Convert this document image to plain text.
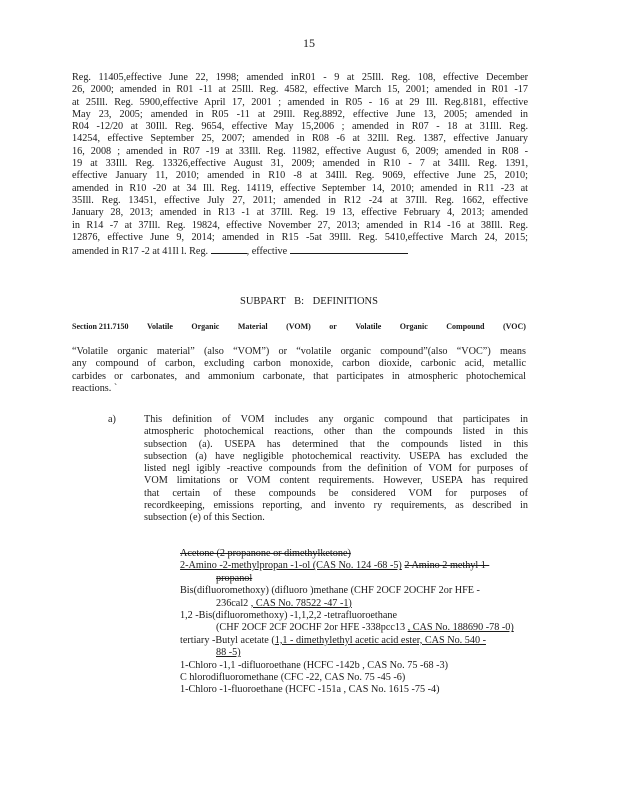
15
Reg. 11405,effective June 22, 1998; amended inR01 - 9 at 25Ill. Reg. 108, effective December
26, 2000; amended in R01 -11 at 25Ill. Reg. 4582, effective March 15, 2001; amended in R01 -17
at 25Ill. Reg. 5900,effective April 17, 2001 ; amended in R05 - 16 at 29 Ill. Reg.8181, effective
May 23, 2005; amended in R05 -11 at 29Ill. Reg.8892, effective June 13, 2005; amended in
R04 -12/20 at 30Ill. Reg. 9654, effective May 15,2006 ; amended in R07 - 18 at 31Ill. Reg.
14254, effective September 25, 2007; amended in R08 -6 at 32Ill. Reg. 1387, effective January
16, 2008 ; amended in R07 -19 at 33Ill. Reg. 11982, effective August 6, 2009; amended in R08 -
19 at 33Ill. Reg. 13326,effective August 31, 2009; amended in R10 - 7 at 34Ill. Reg. 1391,
effective January 11, 2010; amended in R10 -8 at 34Ill. Reg. 9069, effective June 25, 2010;
amended in R10 -20 at 34 Ill. Reg. 14119, effective September 14, 2010; amended in R11 -23 at
35Ill. Reg. 13451, effective July 27, 2011; amended in R12 -24 at 37Ill. Reg. 1662, effective
January 28, 2013; amended in R13 -1 at 37Ill. Reg. 19 13, effective February 4, 2013; amended
in R14 -7 at 37Ill. Reg. 19824, effective November 27, 2013; amended in R14 -16 at 38Ill. Reg.
12876, effective June 9, 2014; amended in R15 -5at 39Ill. Reg. 5410,effective March 24, 2015;
amended in R17 -2 at 41Il l. Reg.	, effective
SUBPART B: DEFINITIONS
Section 211.7150 Volatile Organic Material (VOM) or Volatile Organic Compound (VOC)
“Volatile organic material” (also “VOM”) or “volatile organic compound”(also “VOC”) means
any compound of carbon, excluding carbon monoxide, carbon dioxide, carbonic acid, metallic
carbides or carbonates, and ammonium carbonate, that participates in atmospheric photochemical
reactions. `
a)	This definition of VOM includes any organic compound that participates in
atmospheric photochemical reactions, other than the compounds listed in this
subsection (a). USEPA has determined that the compounds listed in this
subsection (a) have negligible photochemical reactivity. USEPA has excluded the
listed negl igibly -reactive compounds from the definition of VOM for purposes of
VOM limitations or VOM content requirements. However, USEPA has required
that certain of these compounds be considered VOM for purposes of
recordkeeping, emissions reporting, and invento ry requirements, as described in
subsection (e) of this Section.
Acetone (2 propanone or dimethylketone)
2-Amino -2-methylpropan -1-ol (CAS No. 124 -68 -5) 2 Amino 2 methyl 1-
propanol
Bis(difluoromethoxy) (difluoro )methane (CHF 2OCF 2OCHF 2or HFE -
236cal2 , CAS No. 78522 -47 -1)
1,2 -Bis(difluoromethoxy) -1,1,2,2 -tetrafluoroethane
(CHF 2OCF 2CF 2OCHF 2or HFE -338pcc13 , CAS No. 188690 -78 -0)
tertiary -Butyl acetate (1,1 - dimethylethyl acetic acid ester, CAS No. 540 -
88 -5)
1-Chloro -1,1 -difluoroethane (HCFC -142b , CAS No. 75 -68 -3)
C hlorodifluoromethane (CFC -22, CAS No. 75 -45 -6)
1-Chloro -1-fluoroethane (HCFC -151a , CAS No. 1615 -75 -4)
